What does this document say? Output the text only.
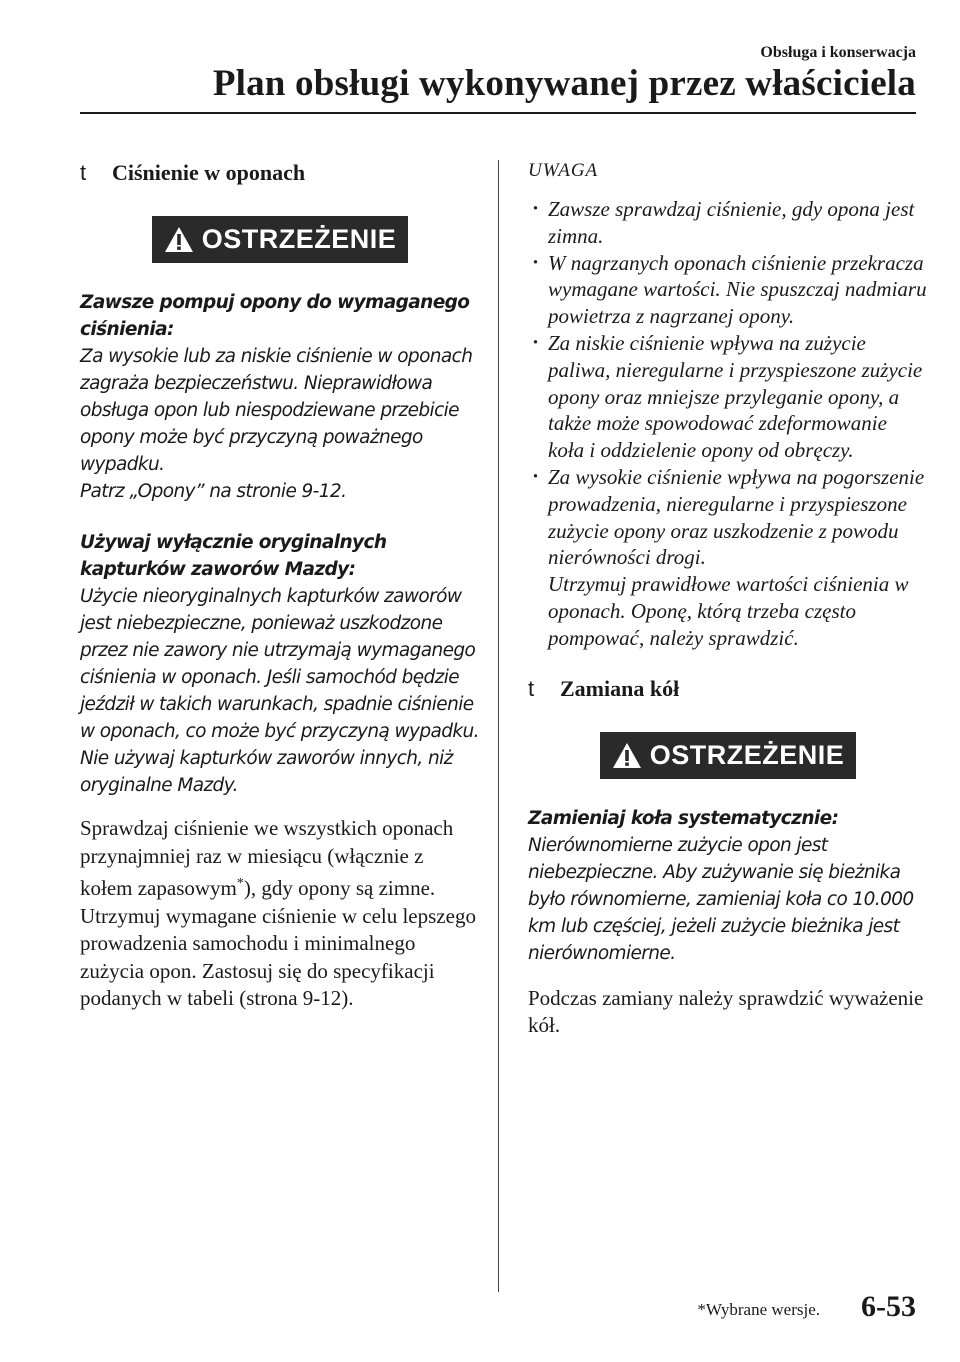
Obsługa i konserwacja
Plan obsługi wykonywanej przez właściciela
t Ciśnienie w oponach
OSTRZEŻENIE

Zawsze pompuj opony do wymaganego ciśnienia:

Za wysokie lub za niskie ciśnienie w oponach zagraża bezpieczeństwu. Nieprawidłowa obsługa opon lub niespodziewane przebicie opony może być przyczyną poważnego wypadku.

Patrz „Opony” na stronie 9-12.

Używaj wyłącznie oryginalnych kapturków zaworów Mazdy:

Użycie nieoryginalnych kapturków zaworów jest niebezpieczne, ponieważ uszkodzone przez nie zawory nie utrzymają wymaganego ciśnienia w oponach. Jeśli samochód będzie jeździł w takich warunkach, spadnie ciśnienie w oponach, co może być przyczyną wypadku. Nie używaj kapturków zaworów innych, niż oryginalne Mazdy.

Sprawdzaj ciśnienie we wszystkich oponach przynajmniej raz w miesiącu (włącznie z kołem zapasowym*), gdy opony są zimne. Utrzymuj wymagane ciśnienie w celu lepszego prowadzenia samochodu i minimalnego zużycia opon. Zastosuj się do specyfikacji podanych w tabeli (strona 9-12).

UWAGA

· Zawsze sprawdzaj ciśnienie, gdy opona jest zimna.
· W nagrzanych oponach ciśnienie przekracza wymagane wartości. Nie spuszczaj nadmiaru powietrza z nagrzanej opony.
· Za niskie ciśnienie wpływa na zużycie paliwa, nieregularne i przyspieszone zużycie opony oraz mniejsze przyleganie opony, a także może spowodować zdeformowanie koła i oddzielenie opony od obręczy.
· Za wysokie ciśnienie wpływa na pogorszenie prowadzenia, nieregularne i przyspieszone zużycie opony oraz uszkodzenie z powodu nierówności drogi.

Utrzymuj prawidłowe wartości ciśnienia w oponach. Oponę, którą trzeba często pompować, należy sprawdzić.

t Zamiana kół
OSTRZEŻENIE

Zamieniaj koła systematycznie:

Nierównomierne zużycie opon jest niebezpieczne. Aby zużywanie się bieżnika było równomierne, zamieniaj koła co 10.000 km lub częściej, jeżeli zużycie bieżnika jest nierównomierne.

Podczas zamiany należy sprawdzić wyważenie kół.

*Wybrane wersje. 6-53
